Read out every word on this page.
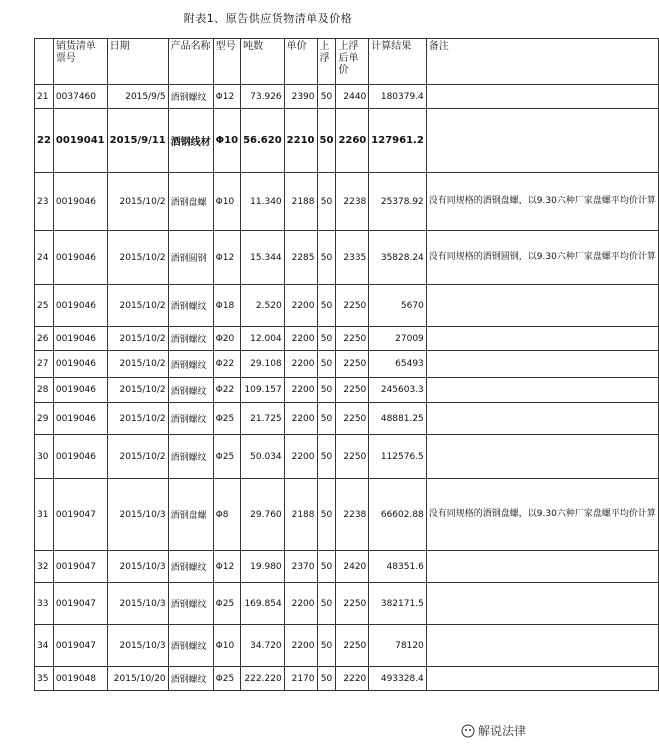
附表1、原告供应货物清单及价格
	销货清单票号	日期	产品名称	型号	吨数	单价	上浮	上浮后单价	计算结果	备注
21	0037460	2015/9/5	酒钢螺纹	Φ12	73.926	2390	50	2440	180379.4	
22	0019041	2015/9/11	酒钢线材	Φ10	56.620	2210	50	2260	127961.2	
23	0019046	2015/10/2	酒钢盘螺	Φ10	11.340	2188	50	2238	25378.92	没有同规格的酒钢盘螺，以9.30六种厂家盘螺平均价计算
24	0019046	2015/10/2	酒钢圆钢	Φ12	15.344	2285	50	2335	35828.24	没有同规格的酒钢圆钢，以9.30六种厂家盘螺平均价计算
25	0019046	2015/10/2	酒钢螺纹	Φ18	2.520	2200	50	2250	5670	
26	0019046	2015/10/2	酒钢螺纹	Φ20	12.004	2200	50	2250	27009	
27	0019046	2015/10/2	酒钢螺纹	Φ22	29.108	2200	50	2250	65493	
28	0019046	2015/10/2	酒钢螺纹	Φ22	109.157	2200	50	2250	245603.3	
29	0019046	2015/10/2	酒钢螺纹	Φ25	21.725	2200	50	2250	48881.25	
30	0019046	2015/10/2	酒钢螺纹	Φ25	50.034	2200	50	2250	112576.5	
31	0019047	2015/10/3	酒钢盘螺	Φ8	29.760	2188	50	2238	66602.88	没有同规格的酒钢盘螺，以9.30六种厂家盘螺平均价计算
32	0019047	2015/10/3	酒钢螺纹	Φ12	19.980	2370	50	2420	48351.6	
33	0019047	2015/10/3	酒钢螺纹	Φ25	169.854	2200	50	2250	382171.5	
34	0019047	2015/10/3	酒钢螺纹	Φ10	34.720	2200	50	2250	78120	
35	0019048	2015/10/20	酒钢螺纹	Φ25	222.220	2170	50	2220	493328.4	
解说法律
